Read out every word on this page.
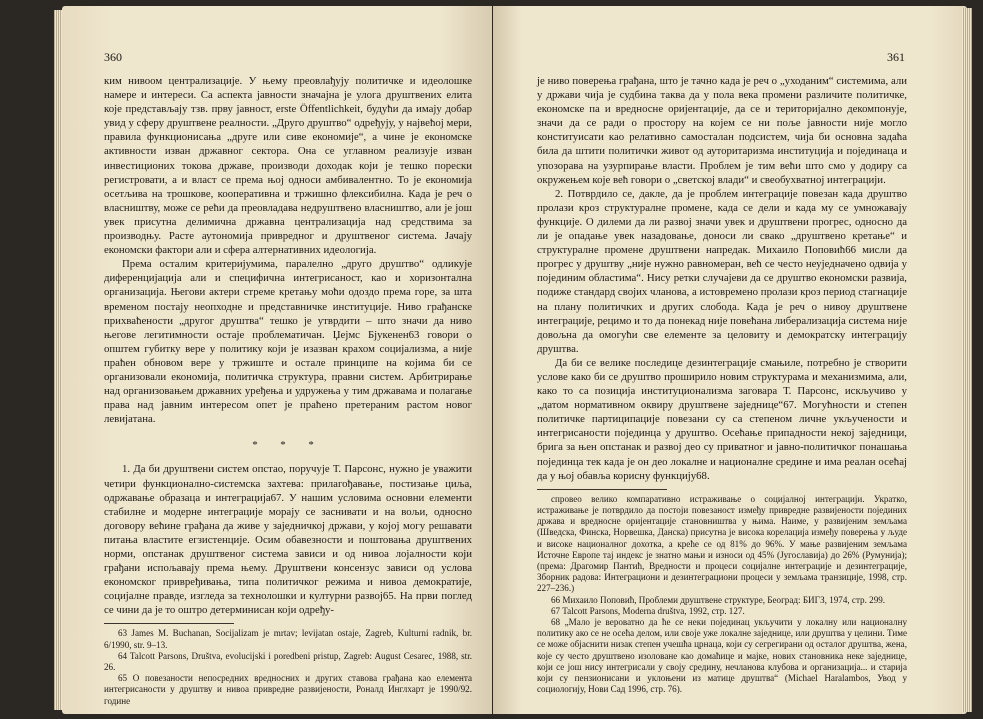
360

ким нивоом централизације. У њему преовлађују политичке и идеолошке намере и интереси. Са аспекта јавности значајна је улога друштвених елита које представљају тзв. прву јавност, erste Öffentlichkeit, будући да имају добар увид у сферу друштвене реалности. „Друго друштво“ одређују, у највећој мери, правила функционисања „друге или сиве економије“, а чине је економске активности изван државног сектора. Она се углавном реализује изван инвестиционих токова државе, производи доходак који је тешко порески регистровати, а и власт се према њој односи амбивалентно. То је економија осетљива на трошкове, кооперативна и тржишно флексибилна. Када је реч о власништву, може се рећи да преовладава недруштвено власништво, али је још увек присутна делимична државна централизација над средствима за производњу. Расте аутономија привредног и друштвеног система. Јачају економски фактори али и сфера алтернативних идеологија.

Према осталим критеријумима, паралелно „друго друштво“ одликује диференцијација али и специфична интегрисаност, као и хоризонтална организација. Његови актери стреме кретању моћи одоздо према горе, за шта временом постају неопходне и представничке институције. Ниво грађанске прихваћености „другог друштва“ тешко је утврдити – што значи да ниво његове легитимности остаје проблематичан. Џејмс Бјукенен63 говори о општем губитку вере у политику који је изазван крахом социјализма, а није праћен обновом вере у тржиште и остале принципе на којима би се организовали економија, политичка структура, правни систем. Арбитрирање над организовањем државних уређења и удружења у тим државама и полагање права над јавним интересом опет је праћено претераним растом новог левијатана.

* * *

1. Да би друштвени систем опстао, поручује Т. Парсонс, нужно је уважити четири функционално-системска захтева: прилагођавање, постизање циља, одржавање образаца и интеграција67. У нашим условима основни елементи стабилне и модерне интеграције морају се заснивати и на вољи, односно договору већине грађана да живе у заједничкој држави, у којој могу решавати питања властите егзистенције. Осим обавезности и поштовања друштвених норми, опстанак друштвеног система зависи и од нивоа лојалности који грађани испољавају према њему. Друштвени консензус зависи од услова економског привређивања, типа политичког режима и нивоа демократије, социјалне правде, изгледа за технолошки и културни развој65. На први поглед се чини да је то оштро детерминисан који одређу-

63 James M. Buchanan, Socijalizam je mrtav; levijatan ostaje, Zagreb, Kulturni radnik, br. 6/1990, str. 9–13.

64 Talcott Parsons, Društva, evolucijski i poredbeni pristup, Zagreb: August Cesarec, 1988, str. 26.

65 О повезаности непосредних вредносних и других ставова грађана као елемента интегрисаности у друштву и нивоа привредне развијености, Роналд Инглхарт је 1990/92. године

361

је ниво поверења грађана, што је тачно када је реч о „уходаним“ системима, али у држави чија је судбина таква да у пола века промени различите политичке, економске па и вредносне оријентације, да се и територијално декомпонује, значи да се ради о простору на којем се ни поље јавности није могло конституисати као релативно самосталан подсистем, чија би основна задаћа била да штити политички живот од ауторитаризма институција и појединаца и упозорава на узурпирање власти. Проблем је тим већи што смо у додиру са окружењем које већ говори о „светској влади“ и свеобухватној интеграцији.

2. Потврдило се, дакле, да је проблем интеграције повезан када друштво пролази кроз структуралне промене, када се дели и када му се умножавају функције. О дилеми да ли развој значи увек и друштвени прогрес, односно да ли је опадање увек назадовање, доноси ли свако „друштвено кретање“ и структуралне промене друштвени напредак. Михаило Поповић66 мисли да прогрес у друштву „није нужно равномеран, већ се често неуједначено одвија у појединим областима“. Нису ретки случајеви да се друштво економски развија, подиже стандард својих чланова, а истовремено пролази кроз период стагнације на плану политичких и других слобода. Када је реч о нивоу друштвене интеграције, рецимо и то да понекад није повећана либерализација система није довољна да омогући све елементе за целовиту и демократску интеграцију друштва.

Да би се велике последице дезинтеграције смањиле, потребно је створити услове како би се друштво проширило новим структурама и механизмима, али, како то са позиција институционализма заговара Т. Парсонс, искључиво у „датом нормативном оквиру друштвене заједнице“67. Могућности и степен политичке партиципације повезани су са степеном личне укључености и интегрисаности појединца у друштво. Осећање припадности некој заједници, брига за њен опстанак и развој део су приватног и јавно-политичког понашања појединца тек када је он део локалне и националне средине и има реалан осећај да у њој обавља корисну функцију68.

спровео велико компаративно истраживање о социјалној интеграцији. Укратко, истраживање је потврдило да постоји повезаност између привредне развијености појединих држава и вредносне оријентације становништва у њима. Наиме, у развијеним земљама (Шведска, Финска, Норвешка, Данска) присутна је висока корелација између поверења у људе и високе националног дохотка, а креће се од 81% до 96%. У мање развијеним земљама Источне Европе тај индекс је знатно мањи и износи од 45% (Југославија) до 26% (Румунија); (према: Драгомир Пантић, Вредности и процеси социјалне интеграције и дезинтеграције, Зборник радова: Интеграциони и дезинтеграциони процеси у земљама транзиције, 1998, стр. 227–236.)

66 Михаило Поповић, Проблеми друштвене структуре, Београд: БИГЗ, 1974, стр. 299.

67 Talcott Parsons, Moderna društva, 1992, стр. 127.

68 „Мало је вероватно да ће се неки појединац укључити у локалну или националну политику ако се не осећа делом, или своје уже локалне заједнице, или друштва у целини. Тиме се може објаснити низак степен учешћа црнаца, који су сегрегирани од осталог друштва, жена, које су често друштвено изоловане као домаћице и мајке, нових становника неке заједнице, који се још нису интегрисали у своју средину, нечланова клубова и организација... и старија који су пензионисани и уклоњени из матице друштва“ (Michael Haralambos, Увод у социологију, Нови Сад 1996, стр. 76).
